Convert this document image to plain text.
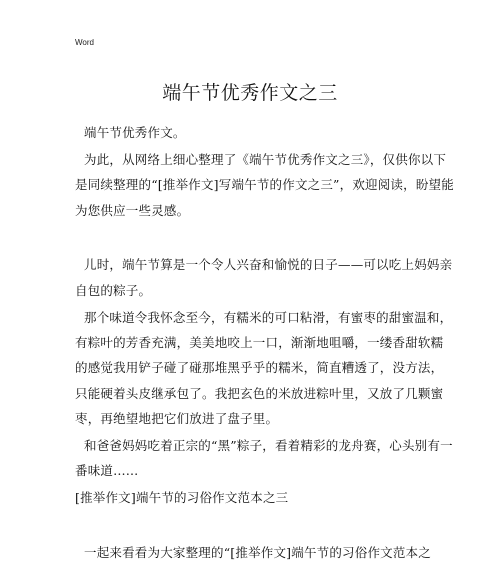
Word
端午节优秀作文之三
端午节优秀作文。
为此，从网络上细心整理了《端午节优秀作文之三》，仅供你以下
是同续整理的“[推举作文]写端午节的作文之三”，欢迎阅读，盼望能
为您供应一些灵感。
儿时，端午节算是一个令人兴奋和愉悦的日子——可以吃上妈妈亲
自包的粽子。
那个味道令我怀念至今，有糯米的可口粘滑，有蜜枣的甜蜜温和，
有粽叶的芳香充满，美美地咬上一口，渐渐地咀嚼，一缕香甜软糯
的感觉我用铲子碰了碰那堆黑乎乎的糯米，简直糟透了，没方法，
只能硬着头皮继承包了。我把玄色的米放进粽叶里，又放了几颗蜜
枣，再绝望地把它们放进了盘子里。
和爸爸妈妈吃着正宗的“黑”粽子，看着精彩的龙舟赛，心头别有一
番味道……
[推举作文]端午节的习俗作文范本之三
一起来看看为大家整理的“[推举作文]端午节的习俗作文范本之
